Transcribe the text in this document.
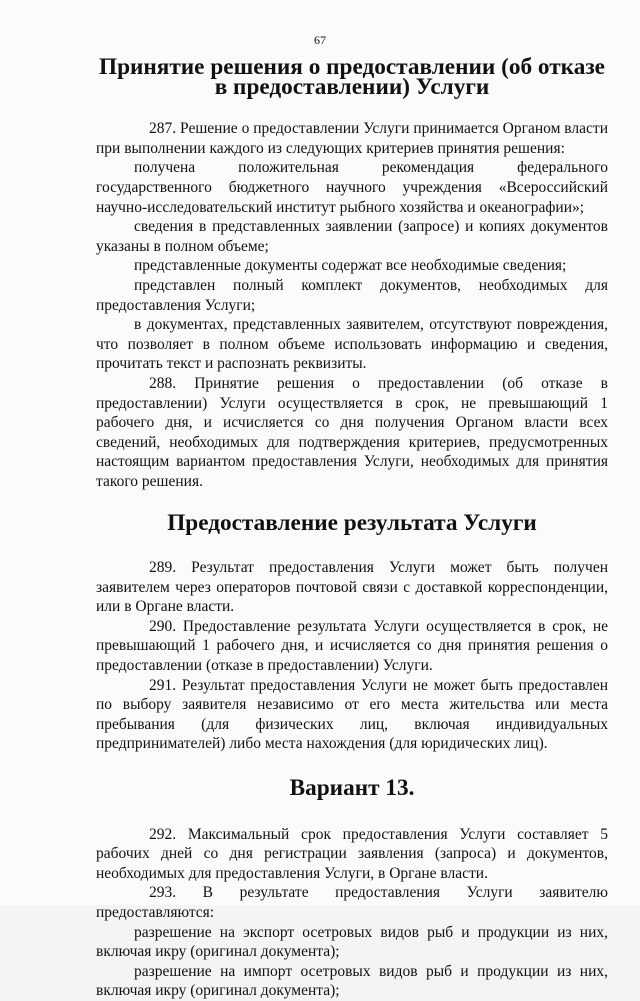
67
Принятие решения о предоставлении (об отказе в предоставлении) Услуги

287. Решение о предоставлении Услуги принимается Органом власти при выполнении каждого из следующих критериев принятия решения:

получена положительная рекомендация федерального государственного бюджетного научного учреждения «Всероссийский научно-исследовательский институт рыбного хозяйства и океанографии»;

сведения в представленных заявлении (запросе) и копиях документов указаны в полном объеме;

представленные документы содержат все необходимые сведения;

представлен полный комплект документов, необходимых для предоставления Услуги;

в документах, представленных заявителем, отсутствуют повреждения, что позволяет в полном объеме использовать информацию и сведения, прочитать текст и распознать реквизиты.

288. Принятие решения о предоставлении (об отказе в предоставлении) Услуги осуществляется в срок, не превышающий 1 рабочего дня, и исчисляется со дня получения Органом власти всех сведений, необходимых для подтверждения критериев, предусмотренных настоящим вариантом предоставления Услуги, необходимых для принятия такого решения.

Предоставление результата Услуги

289. Результат предоставления Услуги может быть получен заявителем через операторов почтовой связи с доставкой корреспонденции, или в Органе власти.

290. Предоставление результата Услуги осуществляется в срок, не превышающий 1 рабочего дня, и исчисляется со дня принятия решения о предоставлении (отказе в предоставлении) Услуги.

291. Результат предоставления Услуги не может быть предоставлен по выбору заявителя независимо от его места жительства или места пребывания (для физических лиц, включая индивидуальных предпринимателей) либо места нахождения (для юридических лиц).

Вариант 13.

292. Максимальный срок предоставления Услуги составляет 5 рабочих дней со дня регистрации заявления (запроса) и документов, необходимых для предоставления Услуги, в Органе власти.

293. В результате предоставления Услуги заявителю предоставляются:

разрешение на экспорт осетровых видов рыб и продукции из них, включая икру (оригинал документа);

разрешение на импорт осетровых видов рыб и продукции из них, включая икру (оригинал документа);
